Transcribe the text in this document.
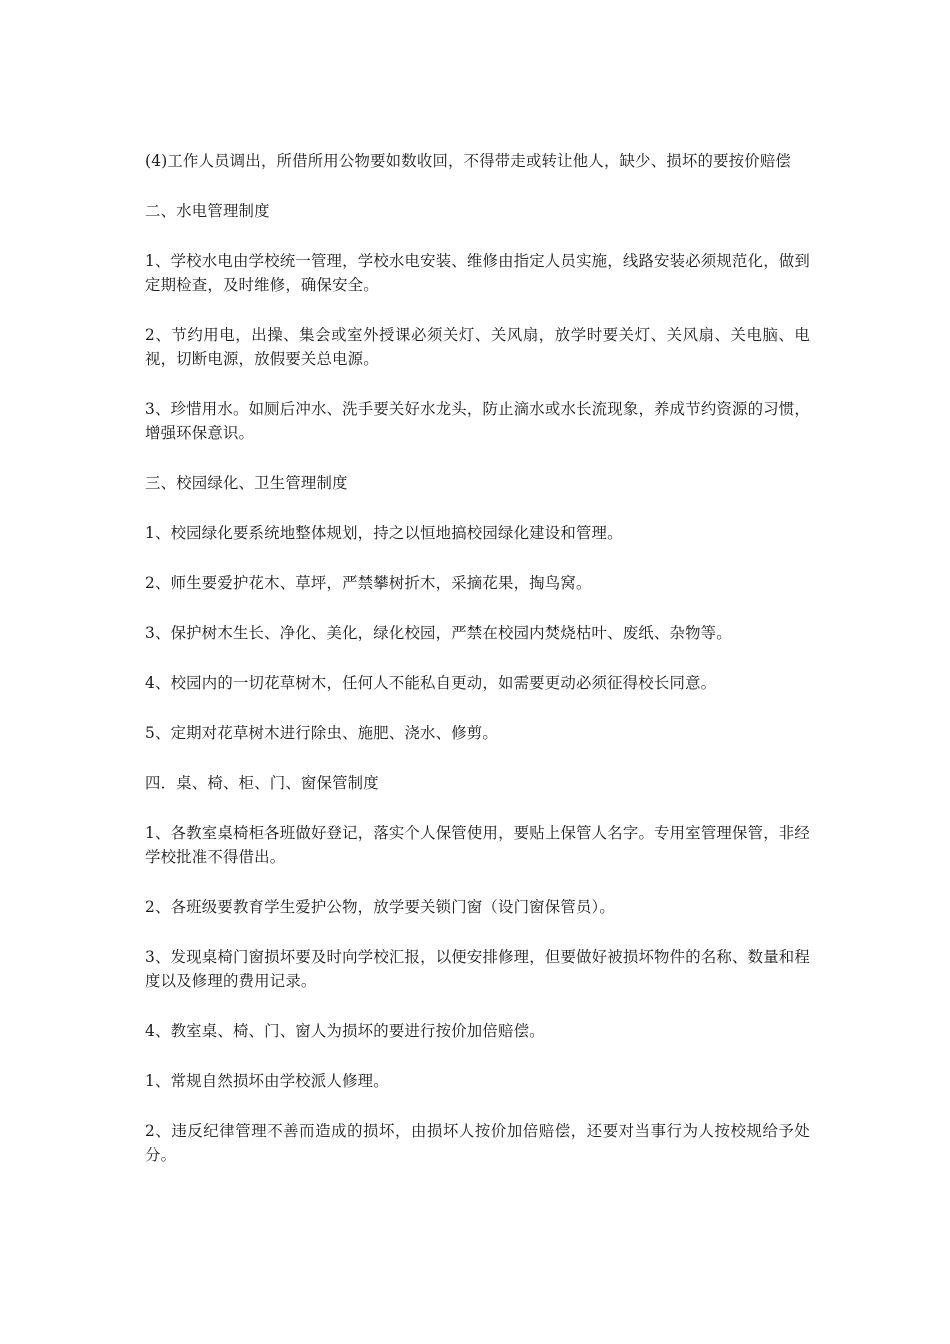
(4)工作人员调出，所借所用公物要如数收回，不得带走或转让他人，缺少、损坏的要按价赔偿

二、水电管理制度

1、学校水电由学校统一管理，学校水电安装、维修由指定人员实施，线路安装必须规范化，做到定期检查，及时维修，确保安全。

2、节约用电，出操、集会或室外授课必须关灯、关风扇，放学时要关灯、关风扇、关电脑、电视，切断电源，放假要关总电源。

3、珍惜用水。如厕后冲水、洗手要关好水龙头，防止滴水或水长流现象，养成节约资源的习惯，增强环保意识。

三、校园绿化、卫生管理制度

1、校园绿化要系统地整体规划，持之以恒地搞校园绿化建设和管理。

2、师生要爱护花木、草坪，严禁攀树折木，采摘花果，掏鸟窝。

3、保护树木生长、净化、美化，绿化校园，严禁在校园内焚烧枯叶、废纸、杂物等。

4、校园内的一切花草树木，任何人不能私自更动，如需要更动必须征得校长同意。

5、定期对花草树木进行除虫、施肥、浇水、修剪。

四．桌、椅、柜、门、窗保管制度

1、各教室桌椅柜各班做好登记，落实个人保管使用，要贴上保管人名字。专用室管理保管，非经学校批准不得借出。

2、各班级要教育学生爱护公物，放学要关锁门窗（设门窗保管员）。

3、发现桌椅门窗损坏要及时向学校汇报，以便安排修理，但要做好被损坏物件的名称、数量和程度以及修理的费用记录。

4、教室桌、椅、门、窗人为损坏的要进行按价加倍赔偿。

1、常规自然损坏由学校派人修理。

2、违反纪律管理不善而造成的损坏，由损坏人按价加倍赔偿，还要对当事行为人按校规给予处分。
